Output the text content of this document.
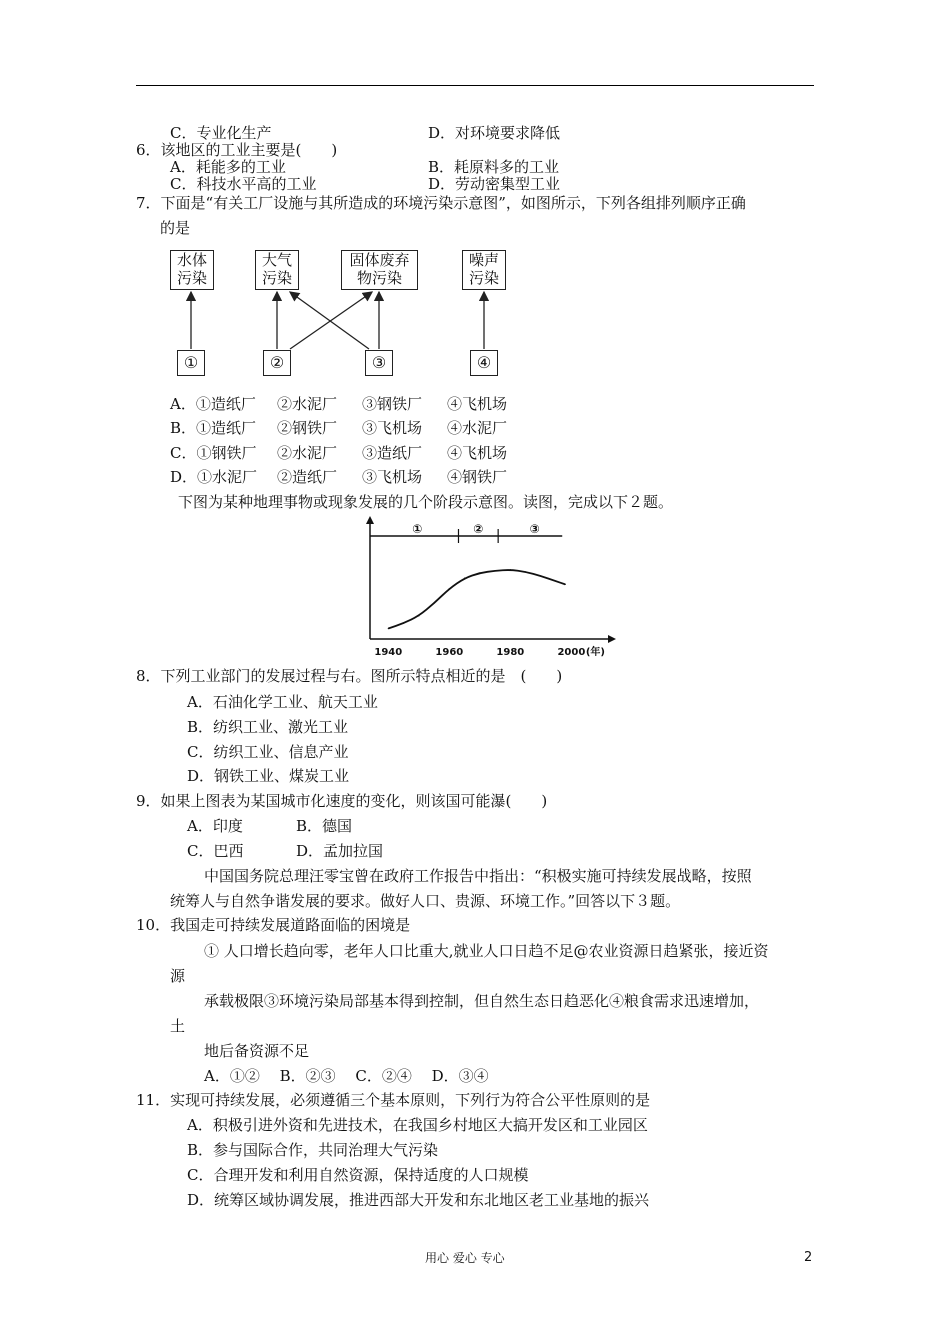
C．专业化生产	D．对环境要求降低
6．该地区的工业主要是(　　)
A．耗能多的工业	B．耗原料多的工业
C．科技水平高的工业	D．劳动密集型工业
7．下面是“有关工厂设施与其所造成的环境污染示意图”，如图所示，下列各组排列顺序正确
的是
水体
污染
大气
污染
固体废弃
物污染
噪声
污染
①	②	③	④
A．①造纸厂 ②水泥厂 ③钢铁厂 ④飞机场
B．①造纸厂 ②钢铁厂 ③飞机场 ④水泥厂
C．①钢铁厂 ②水泥厂 ③造纸厂 ④飞机场
D．①水泥厂 ②造纸厂 ③飞机场 ④钢铁厂
下图为某种地理事物或现象发展的几个阶段示意图。读图，完成以下２题。
①	②	③
1940	1960	1980	2000 (年)
8．下列工业部门的发展过程与右。图所示特点相近的是　(　　)
A．石油化学工业、航天工业
B．纺织工业、激光工业
C．纺织工业、信息产业
D．钢铁工业、煤炭工业
9．如果上图表为某国城市化速度的变化，则该国可能瀑(　　)
A．印度	B．德国
C．巴西	D．孟加拉国
中国国务院总理汪零宝曾在政府工作报告中指出：“积极实施可持续发展战略，按照
统筹人与自然争谐发展的要求。做好人口、贵源、环境工作。”回答以下３题。
10．我国走可持续发展道路面临的困境是
① 人口增长趋向零，老年人口比重大,就业人口日趋不足@农业资源日趋紧张，接近资
源
承载极限③环境污染局部基本得到控制，但自然生态日趋恶化④粮食需求迅速增加，
土
地后备资源不足
A．①②　 B．②③　 C．②④　 D．③④
11．实现可持续发展，必须遵循三个基本原则，下列行为符合公平性原则的是
A．积极引进外资和先进技术，在我国乡村地区大搞开发区和工业园区
B．参与国际合作，共同治理大气污染
C．合理开发和利用自然资源，保持适度的人口规模
D．统筹区域协调发展，推进西部大开发和东北地区老工业基地的振兴
用心 爱心 专心	2
